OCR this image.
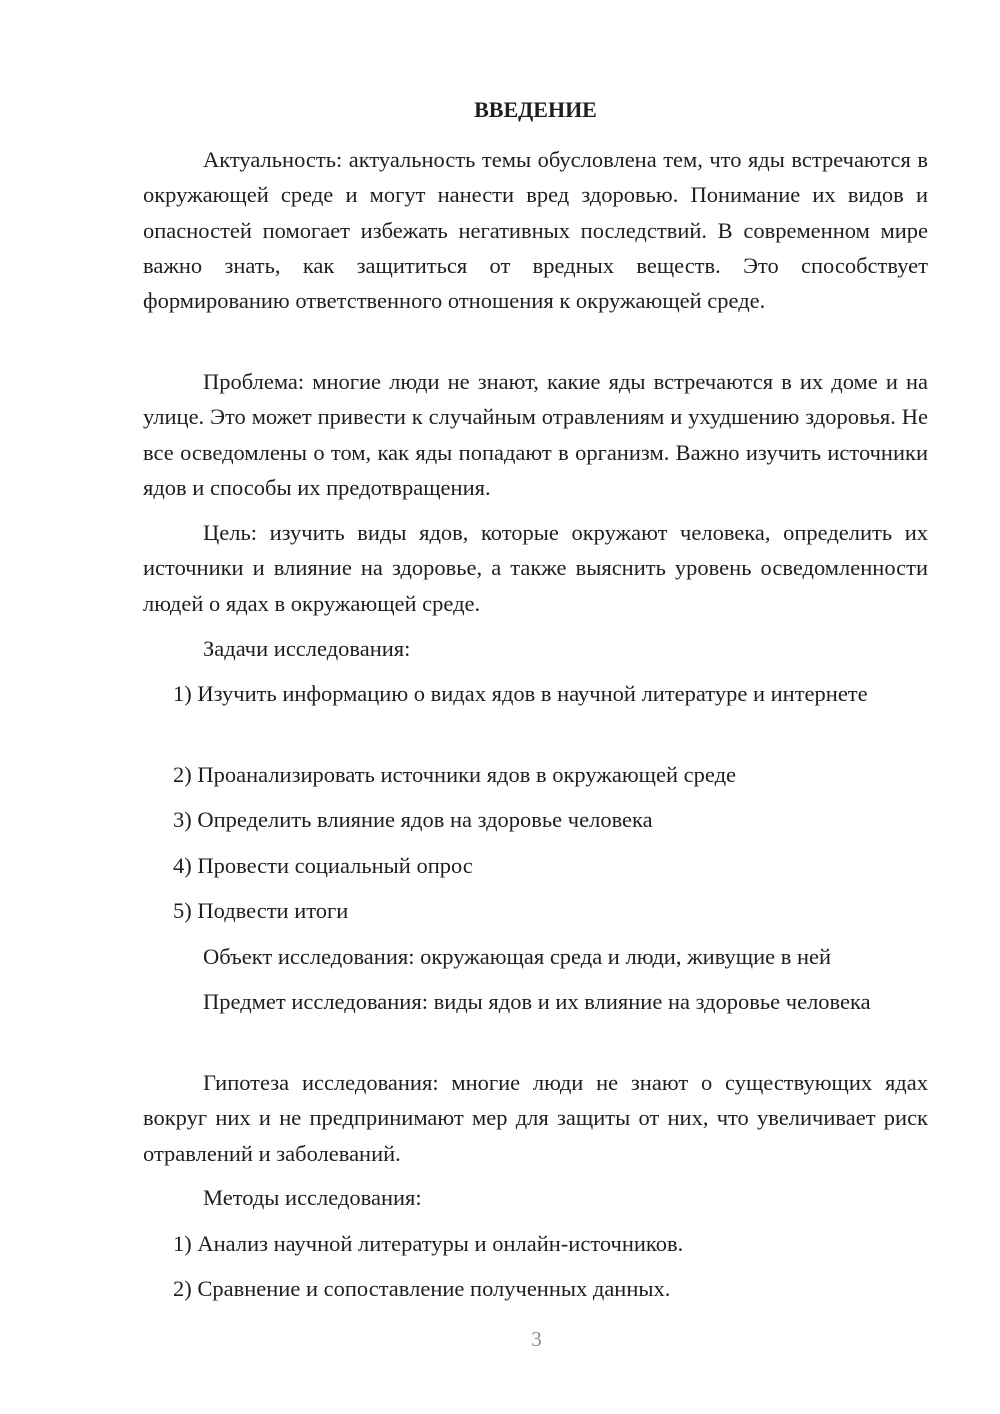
ВВЕДЕНИЕ

Актуальность: актуальность темы обусловлена тем, что яды встречаются в окружающей среде и могут нанести вред здоровью. Понимание их видов и опасностей помогает избежать негативных последствий. В современном мире важно знать, как защититься от вредных веществ. Это способствует формированию ответственного отношения к окружающей среде.

Проблема: многие люди не знают, какие яды встречаются в их доме и на улице. Это может привести к случайным отравлениям и ухудшению здоровья. Не все осведомлены о том, как яды попадают в организм. Важно изучить источники ядов и способы их предотвращения.

Цель: изучить виды ядов, которые окружают человека, определить их источники и влияние на здоровье, а также выяснить уровень осведомленности людей о ядах в окружающей среде.

Задачи исследования:

1) Изучить информацию о видах ядов в научной литературе и интернете

2) Проанализировать источники ядов в окружающей среде

3) Определить влияние ядов на здоровье человека

4) Провести социальный опрос

5) Подвести итоги

Объект исследования: окружающая среда и люди, живущие в ней

Предмет исследования: виды ядов и их влияние на здоровье человека

Гипотеза исследования: многие люди не знают о существующих ядах вокруг них и не предпринимают мер для защиты от них, что увеличивает риск отравлений и заболеваний.

Методы исследования:

1) Анализ научной литературы и онлайн-источников.

2) Сравнение и сопоставление полученных данных.

3
